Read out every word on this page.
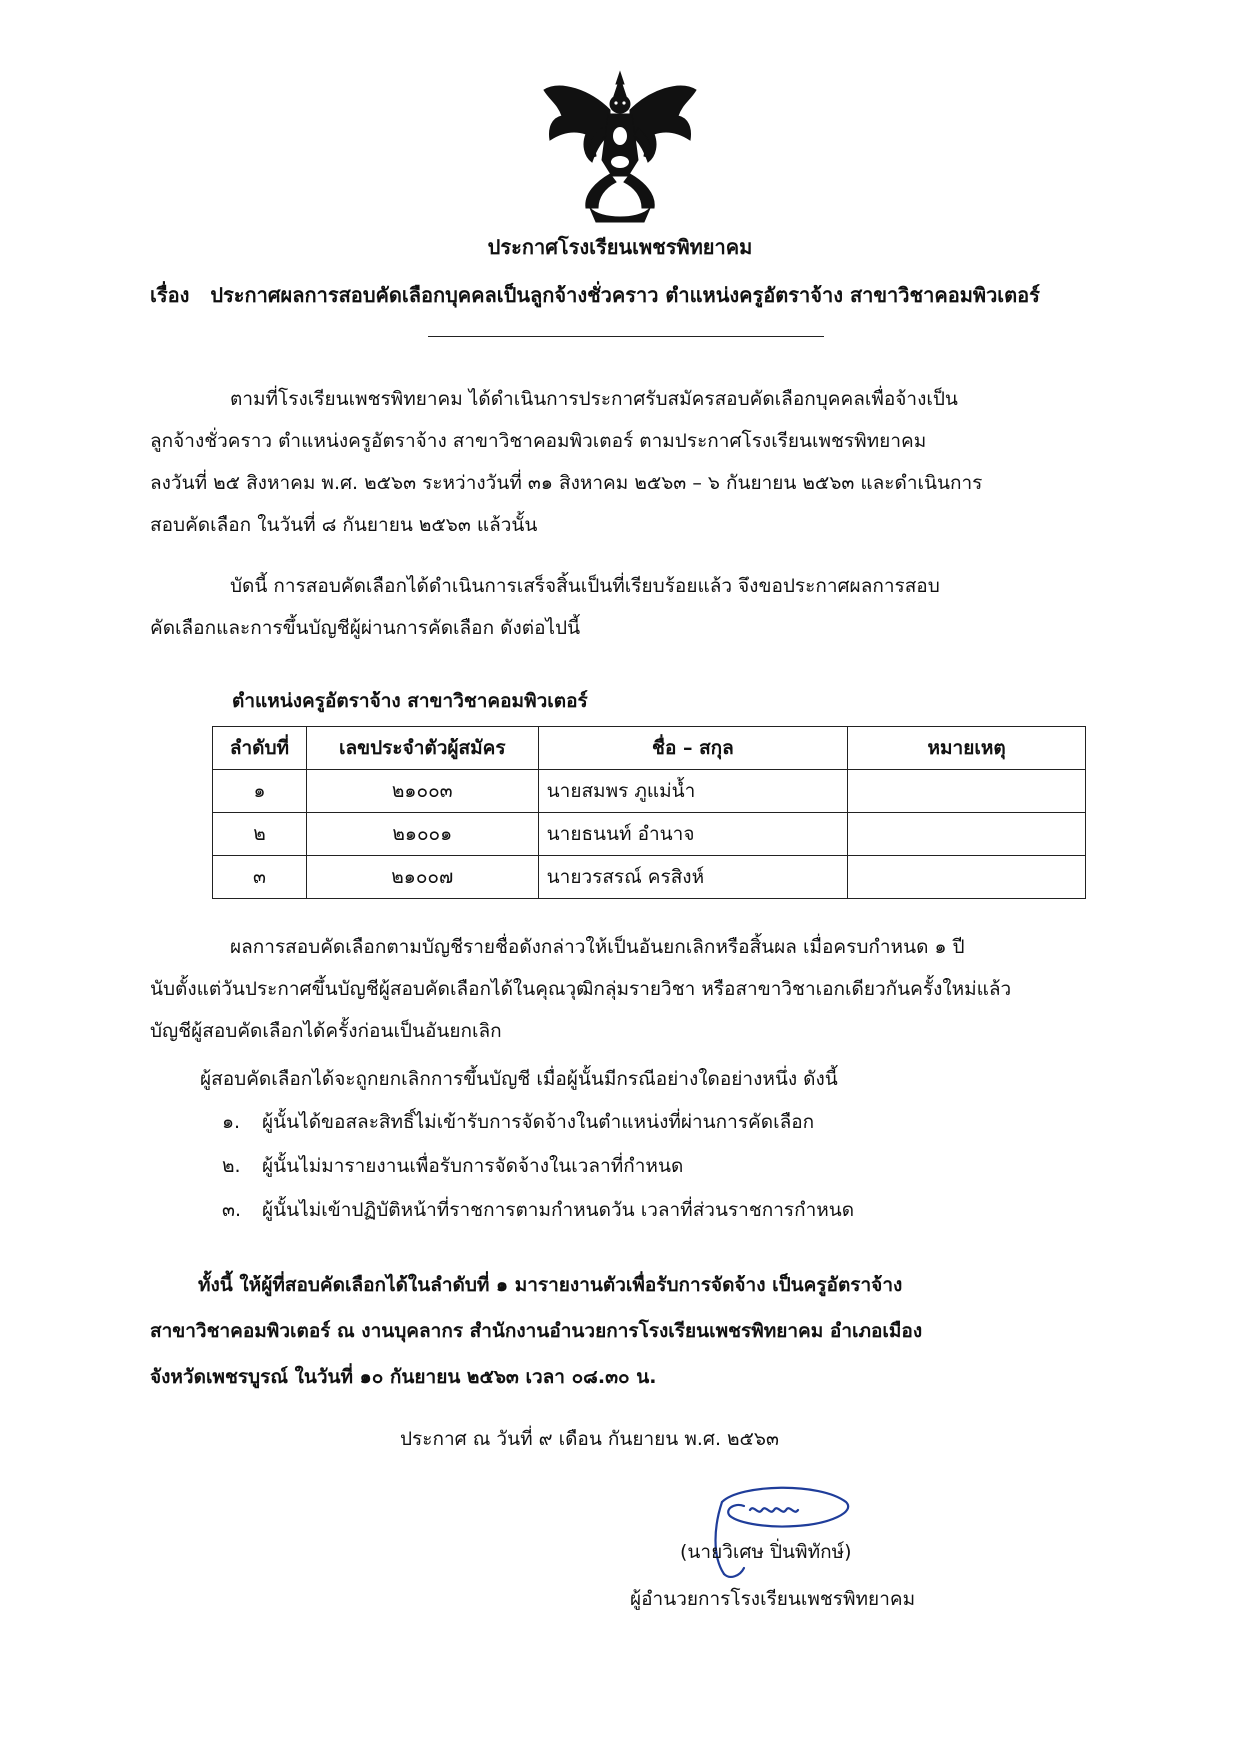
ประกาศโรงเรียนเพชรพิทยาคม
เรื่อง ประกาศผลการสอบคัดเลือกบุคคลเป็นลูกจ้างชั่วคราว ตำแหน่งครูอัตราจ้าง สาขาวิชาคอมพิวเตอร์
ตามที่โรงเรียนเพชรพิทยาคม ได้ดำเนินการประกาศรับสมัครสอบคัดเลือกบุคคลเพื่อจ้างเป็น
ลูกจ้างชั่วคราว ตำแหน่งครูอัตราจ้าง สาขาวิชาคอมพิวเตอร์ ตามประกาศโรงเรียนเพชรพิทยาคม
ลงวันที่ ๒๕ สิงหาคม พ.ศ. ๒๕๖๓ ระหว่างวันที่ ๓๑ สิงหาคม ๒๕๖๓ – ๖ กันยายน ๒๕๖๓ และดำเนินการ
สอบคัดเลือก ในวันที่ ๘ กันยายน ๒๕๖๓ แล้วนั้น
บัดนี้ การสอบคัดเลือกได้ดำเนินการเสร็จสิ้นเป็นที่เรียบร้อยแล้ว จึงขอประกาศผลการสอบ
คัดเลือกและการขึ้นบัญชีผู้ผ่านการคัดเลือก ดังต่อไปนี้
ตำแหน่งครูอัตราจ้าง สาขาวิชาคอมพิวเตอร์
ลำดับที่	เลขประจำตัวผู้สมัคร	ชื่อ – สกุล	หมายเหตุ
๑	๒๑๐๐๓	นายสมพร ภูแม่น้ำ	
๒	๒๑๐๐๑	นายธนนท์ อำนาจ	
๓	๒๑๐๐๗	นายวรสรณ์ ครสิงห์	
ผลการสอบคัดเลือกตามบัญชีรายชื่อดังกล่าวให้เป็นอันยกเลิกหรือสิ้นผล เมื่อครบกำหนด ๑ ปี
นับตั้งแต่วันประกาศขึ้นบัญชีผู้สอบคัดเลือกได้ในคุณวุฒิกลุ่มรายวิชา หรือสาขาวิชาเอกเดียวกันครั้งใหม่แล้ว
บัญชีผู้สอบคัดเลือกได้ครั้งก่อนเป็นอันยกเลิก
ผู้สอบคัดเลือกได้จะถูกยกเลิกการขึ้นบัญชี เมื่อผู้นั้นมีกรณีอย่างใดอย่างหนึ่ง ดังนี้
๑. ผู้นั้นได้ขอสละสิทธิ์ไม่เข้ารับการจัดจ้างในตำแหน่งที่ผ่านการคัดเลือก
๒. ผู้นั้นไม่มารายงานเพื่อรับการจัดจ้างในเวลาที่กำหนด
๓. ผู้นั้นไม่เข้าปฏิบัติหน้าที่ราชการตามกำหนดวัน เวลาที่ส่วนราชการกำหนด
ทั้งนี้ ให้ผู้ที่สอบคัดเลือกได้ในลำดับที่ ๑ มารายงานตัวเพื่อรับการจัดจ้าง เป็นครูอัตราจ้าง
สาขาวิชาคอมพิวเตอร์ ณ งานบุคลากร สำนักงานอำนวยการโรงเรียนเพชรพิทยาคม อำเภอเมือง
จังหวัดเพชรบูรณ์ ในวันที่ ๑๐ กันยายน ๒๕๖๓ เวลา ๐๘.๓๐ น.
ประกาศ ณ วันที่ ๙ เดือน กันยายน พ.ศ. ๒๕๖๓
(นายวิเศษ ปิ่นพิทักษ์)
ผู้อำนวยการโรงเรียนเพชรพิทยาคม
